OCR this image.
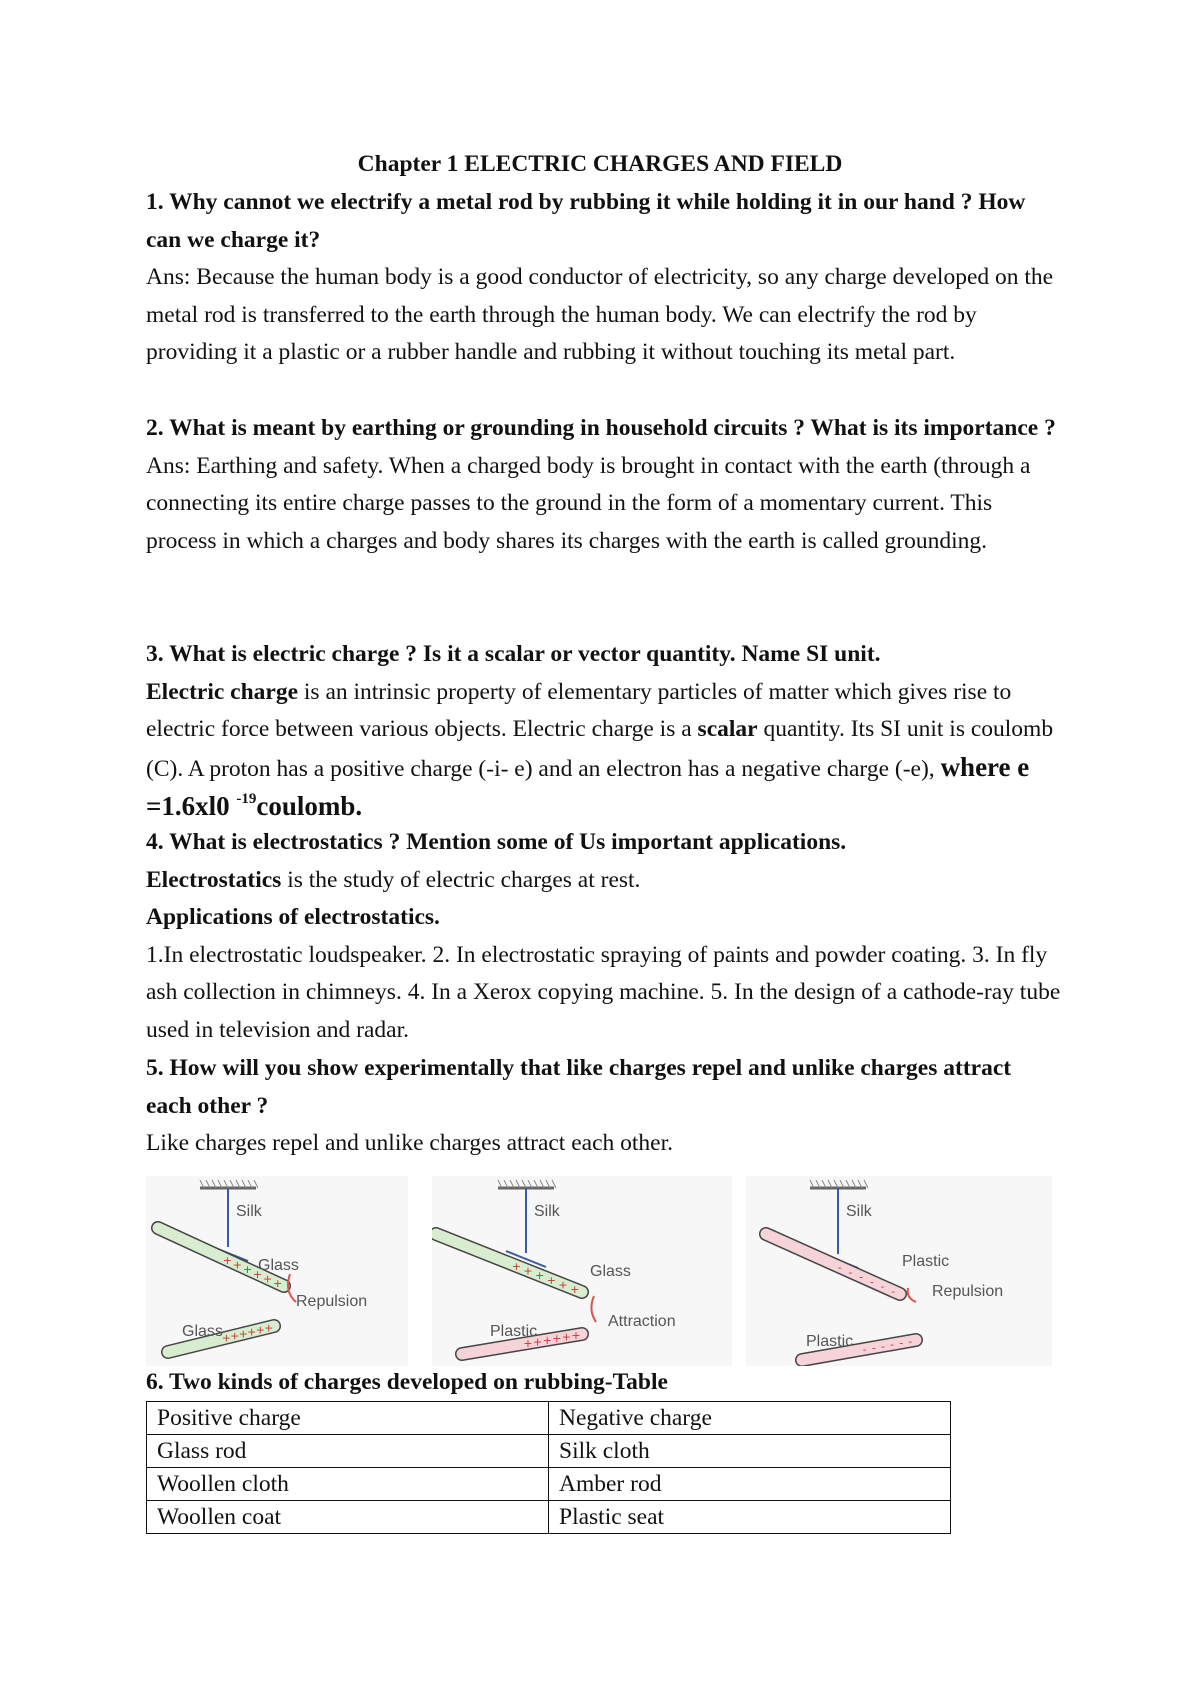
Chapter 1 ELECTRIC CHARGES AND FIELD

1. Why cannot we electrify a metal rod by rubbing it while holding it in our hand ? How can we charge it?

Ans: Because the human body is a good conductor of electricity, so any charge developed on the metal rod is transferred to the earth through the human body. We can electrify the rod by providing it a plastic or a rubber handle and rubbing it without touching its metal part.

2. What is meant by earthing or grounding in household circuits ? What is its importance ?

Ans: Earthing and safety. When a charged body is brought in contact with the earth (through a connecting its entire charge passes to the ground in the form of a momentary current. This process in which a charges and body shares its charges with the earth is called grounding.

3. What is electric charge ? Is it a scalar or vector quantity. Name SI unit.

Electric charge is an intrinsic property of elementary particles of matter which gives rise to electric force between various objects. Electric charge is a scalar quantity. Its SI unit is coulomb (C). A proton has a positive charge (-i- e) and an electron has a negative charge (-e), where e =1.6xl0 $^{-19}$coulomb.

4. What is electrostatics ? Mention some of Us important applications.

Electrostatics is the study of electric charges at rest.

Applications of electrostatics.

1.In electrostatic loudspeaker. 2. In electrostatic spraying of paints and powder coating. 3. In fly ash collection in chimneys. 4. In a Xerox copying machine. 5. In the design of a cathode-ray tube used in television and radar.

5. How will you show experimentally that like charges repel and unlike charges attract each other ?

Like charges repel and unlike charges attract each other.

+ + + + + +
+ + + + + +
Silk
Glass
Glass
Repulsion
+ + + + + +
+ + + + + +
Silk
Glass
Plastic
Attraction
- - - - - -
- - - - - -
Silk
Plastic
Plastic
Repulsion

6. Two kinds of charges developed on rubbing-Table

Positive charge	Negative charge
Glass rod	Silk cloth
Woollen cloth	Amber rod
Woollen coat	Plastic seat
